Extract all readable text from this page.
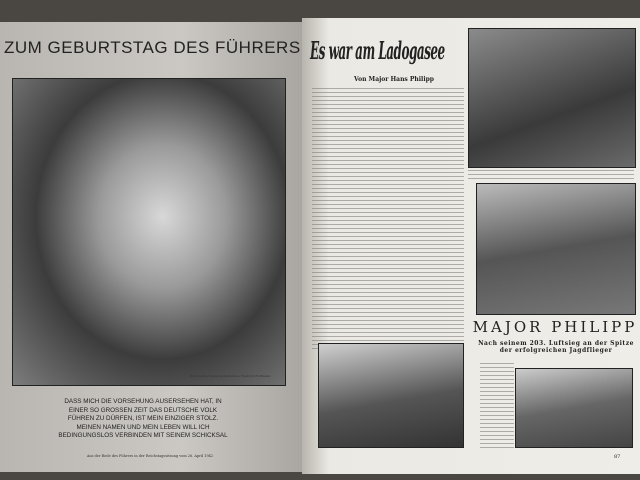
ZUM GEBURTSTAG DES FÜHRERS
Druck ohne Retusche/Aufnahme: Heinrich Hoffmann
DASS MICH DIE VORSEHUNG AUSERSEHEN HAT, IN EINER SO GROSSEN ZEIT DAS DEUTSCHE VOLK FÜHREN ZU DÜRFEN, IST MEIN EINZIGER STOLZ. MEINEN NAMEN UND MEIN LEBEN WILL ICH BEDINGUNGSLOS VERBINDEN MIT SEINEM SCHICKSAL
Aus der Rede des Führers in der Reichstagssitzung vom 26. April 1942
Es war am Ladogasee
Von Major Hans Philipp
MAJOR PHILIPP
Nach seinem 203. Luftsieg an der Spitze der erfolgreichen Jagdflieger
87
